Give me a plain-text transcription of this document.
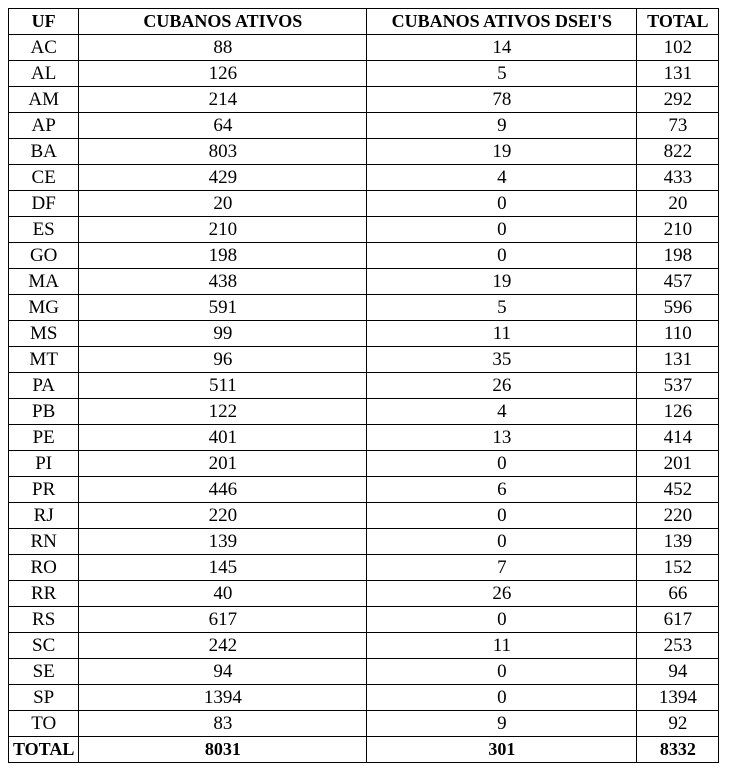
UF	CUBANOS ATIVOS	CUBANOS ATIVOS DSEI'S	TOTAL
AC	88	14	102
AL	126	5	131
AM	214	78	292
AP	64	9	73
BA	803	19	822
CE	429	4	433
DF	20	0	20
ES	210	0	210
GO	198	0	198
MA	438	19	457
MG	591	5	596
MS	99	11	110
MT	96	35	131
PA	511	26	537
PB	122	4	126
PE	401	13	414
PI	201	0	201
PR	446	6	452
RJ	220	0	220
RN	139	0	139
RO	145	7	152
RR	40	26	66
RS	617	0	617
SC	242	11	253
SE	94	0	94
SP	1394	0	1394
TO	83	9	92
TOTAL	8031	301	8332
